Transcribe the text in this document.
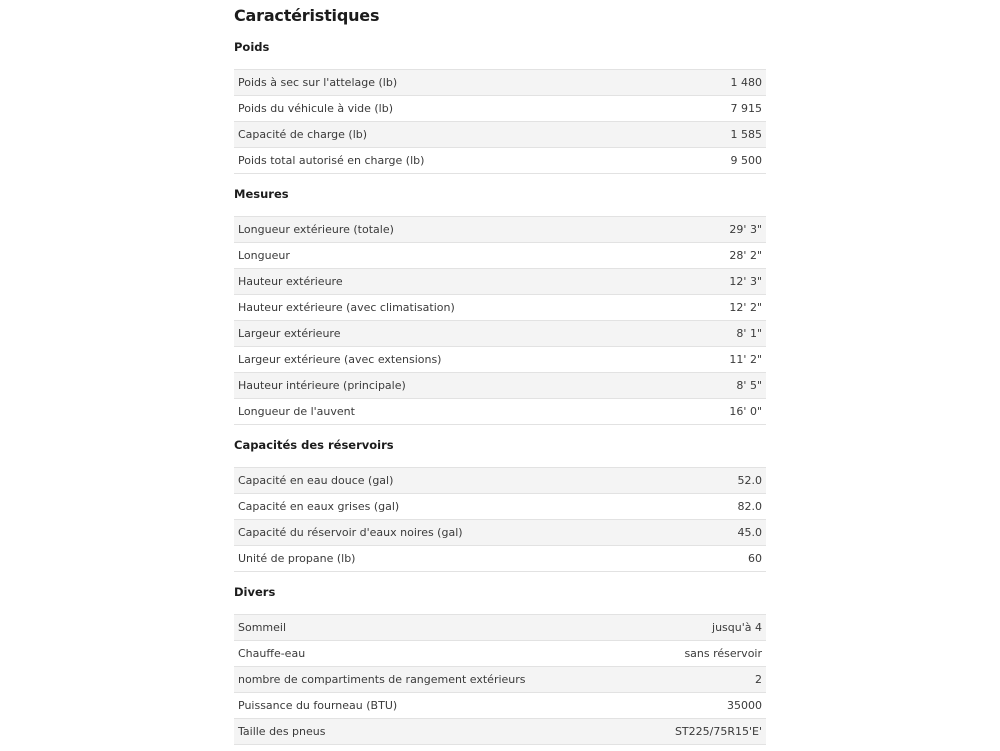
Caractéristiques
Poids
Poids à sec sur l'attelage (lb)	1 480
Poids du véhicule à vide (lb)	7 915
Capacité de charge (lb)	1 585
Poids total autorisé en charge (lb)	9 500
Mesures
Longueur extérieure (totale)	29' 3"
Longueur	28' 2"
Hauteur extérieure	12' 3"
Hauteur extérieure (avec climatisation)	12' 2"
Largeur extérieure	8' 1"
Largeur extérieure (avec extensions)	11' 2"
Hauteur intérieure (principale)	8' 5"
Longueur de l'auvent	16' 0"
Capacités des réservoirs
Capacité en eau douce (gal)	52.0
Capacité en eaux grises (gal)	82.0
Capacité du réservoir d'eaux noires (gal)	45.0
Unité de propane (lb)	60
Divers
Sommeil	jusqu'à 4
Chauffe-eau	sans réservoir
nombre de compartiments de rangement extérieurs	2
Puissance du fourneau (BTU)	35000
Taille des pneus	ST225/75R15'E'
